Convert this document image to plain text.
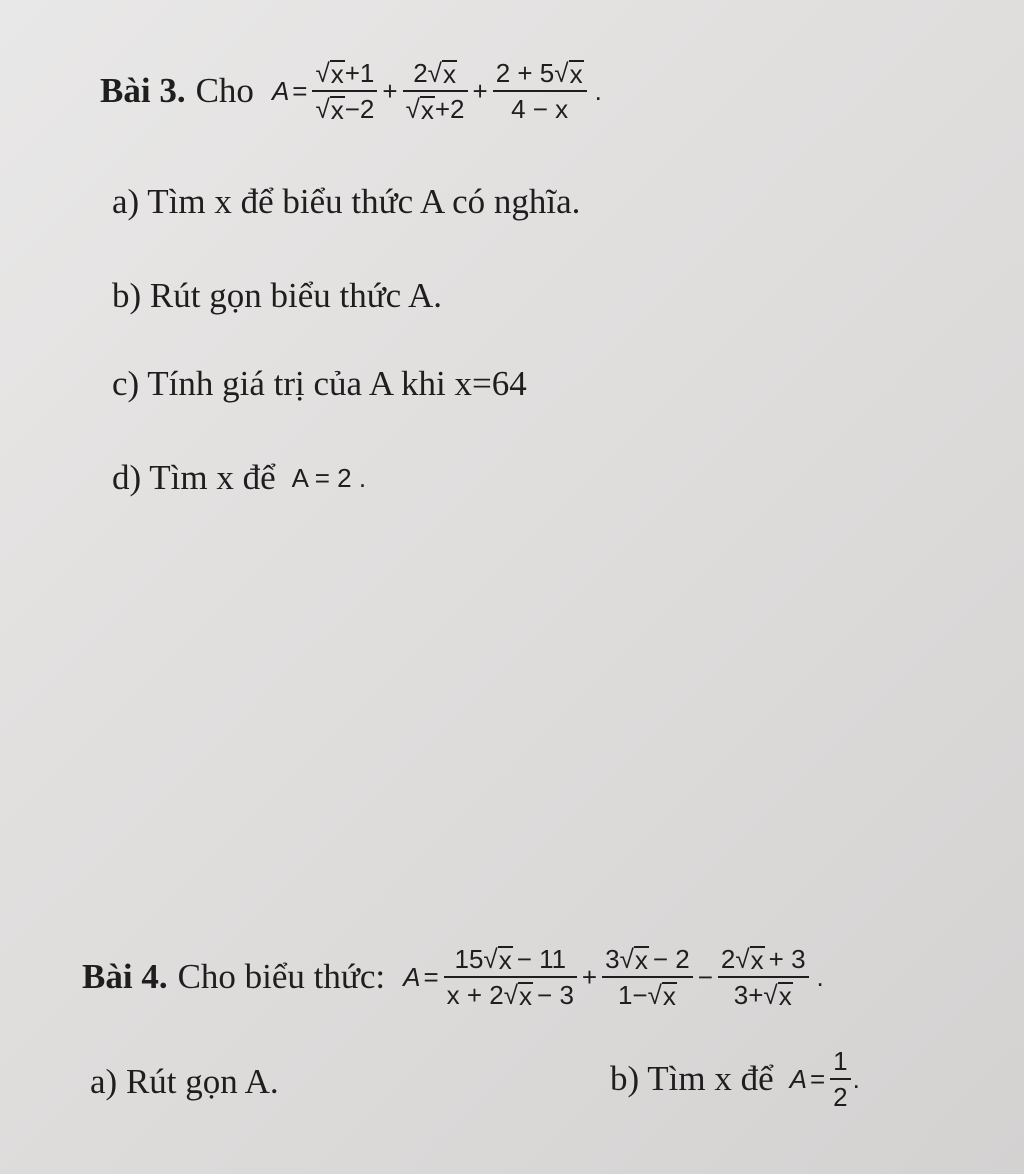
Bài 3. Cho $A = \frac{√ x +1}{√ x -2} + \frac{2 √ x}{√ x +2} + \frac{2 + 5 √ x}{4 - x}$ .
a) Tìm x để biểu thức A có nghĩa.
b) Rút gọn biểu thức A.
c) Tính giá trị của A khi x=64
d) Tìm x để A = 2 .
Bài 4. Cho biểu thức: $A = \frac{15 √ x - 11}{x + 2 √ x - 3} + \frac{3 √ x - 2}{1- √ x} - \frac{2 √ x + 3}{3+ √ x}$ .
a) Rút gọn A.	b) Tìm x để $A = \frac{1}{2}$ .
